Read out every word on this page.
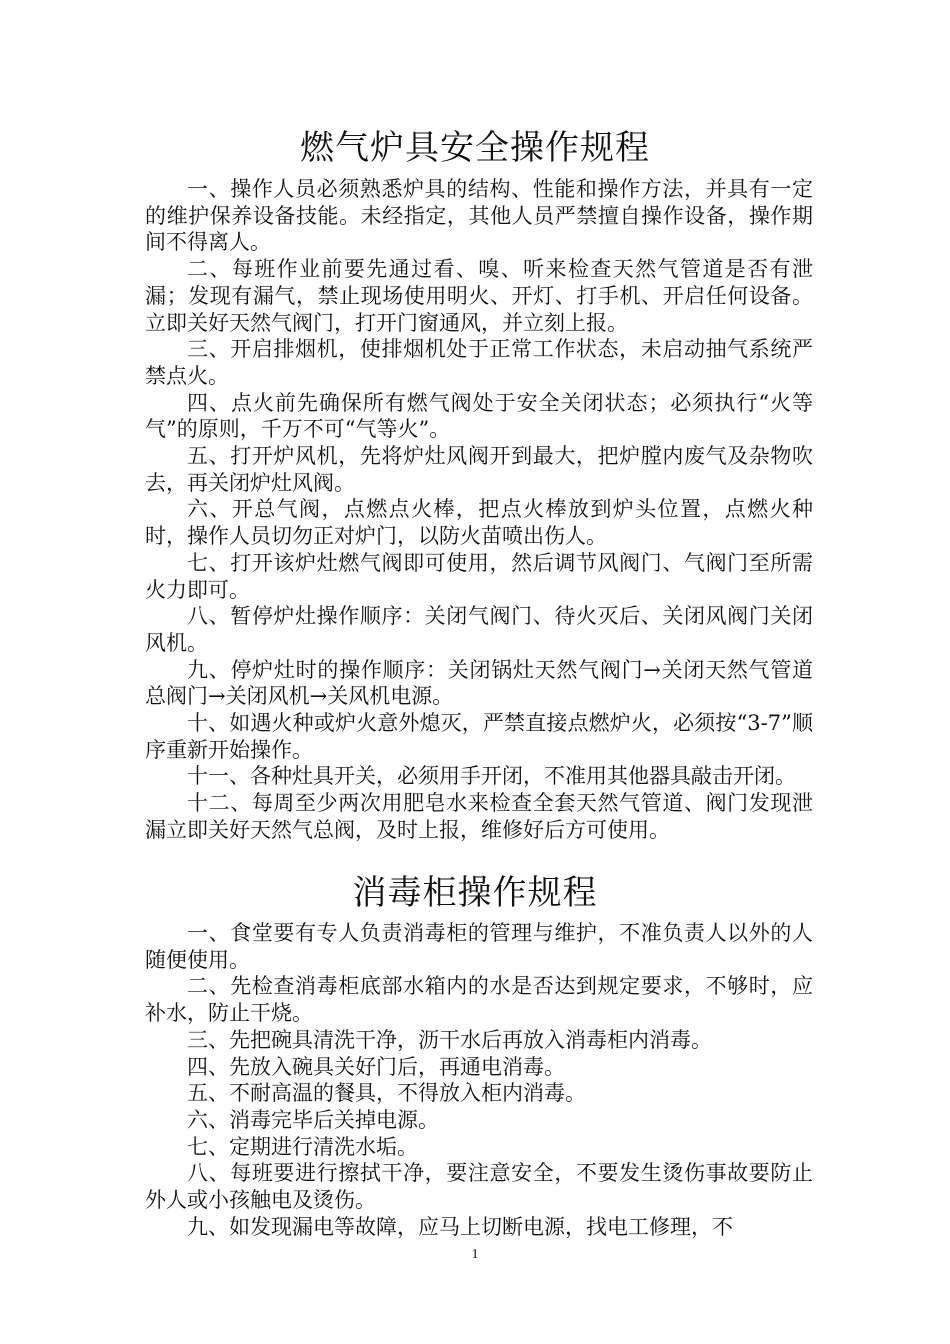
燃气炉具安全操作规程

一、操作人员必须熟悉炉具的结构、性能和操作方法，并具有一定的维护保养设备技能。未经指定，其他人员严禁擅自操作设备，操作期间不得离人。

二、每班作业前要先通过看、嗅、听来检查天然气管道是否有泄漏；发现有漏气，禁止现场使用明火、开灯、打手机、开启任何设备。立即关好天然气阀门，打开门窗通风，并立刻上报。

三、开启排烟机，使排烟机处于正常工作状态，未启动抽气系统严禁点火。

四、点火前先确保所有燃气阀处于安全关闭状态；必须执行“火等气”的原则，千万不可“气等火”。

五、打开炉风机，先将炉灶风阀开到最大，把炉膛内废气及杂物吹去，再关闭炉灶风阀。

六、开总气阀，点燃点火棒，把点火棒放到炉头位置，点燃火种时，操作人员切勿正对炉门，以防火苗喷出伤人。

七、打开该炉灶燃气阀即可使用，然后调节风阀门、气阀门至所需火力即可。

八、暂停炉灶操作顺序：关闭气阀门、待火灭后、关闭风阀门关闭风机。

九、停炉灶时的操作顺序：关闭锅灶天然气阀门→关闭天然气管道总阀门→关闭风机→关风机电源。

十、如遇火种或炉火意外熄灭，严禁直接点燃炉火，必须按“3-7”顺序重新开始操作。

十一、各种灶具开关，必须用手开闭，不准用其他器具敲击开闭。

十二、每周至少两次用肥皂水来检查全套天然气管道、阀门发现泄漏立即关好天然气总阀，及时上报，维修好后方可使用。

消毒柜操作规程

一、食堂要有专人负责消毒柜的管理与维护，不准负责人以外的人随便使用。

二、先检查消毒柜底部水箱内的水是否达到规定要求，不够时，应补水，防止干烧。

三、先把碗具清洗干净，沥干水后再放入消毒柜内消毒。

四、先放入碗具关好门后，再通电消毒。

五、不耐高温的餐具，不得放入柜内消毒。

六、消毒完毕后关掉电源。

七、定期进行清洗水垢。

八、每班要进行擦拭干净，要注意安全，不要发生烫伤事故要防止外人或小孩触电及烫伤。

九、如发现漏电等故障，应马上切断电源，找电工修理，不

1
